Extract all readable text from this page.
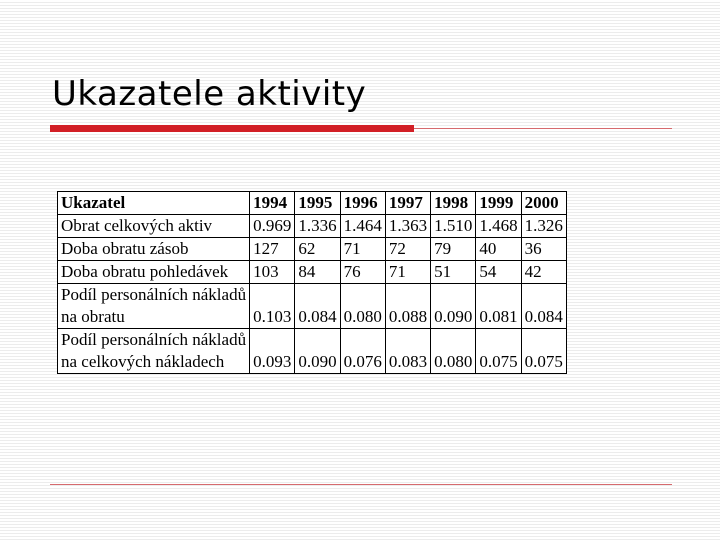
Ukazatele aktivity
Ukazatel	1994	1995	1996	1997	1998	1999	2000

Obrat celkových aktiv	0.969	1.336	1.464	1.363	1.510	1.468	1.326

Doba obratu zásob	127	62	71	72	79	40	36

Doba obratu pohledávek	103	84	76	71	51	54	42

Podíl personálních nákladů
na obratu	0.103	0.084	0.080	0.088	0.090	0.081	0.084

Podíl personálních nákladů
na celkových nákladech	0.093	0.090	0.076	0.083	0.080	0.075	0.075
